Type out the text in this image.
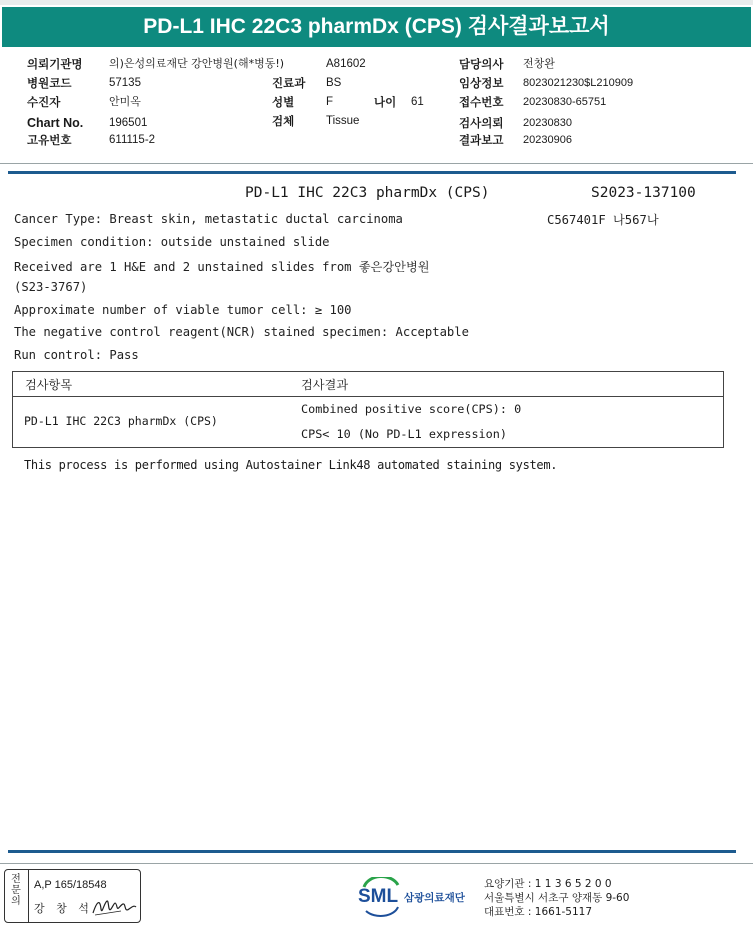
PD-L1 IHC 22C3 pharmDx (CPS) 검사결과보고서
의뢰기관명 의)은성의료재단 강안병원(해*병동!)	A81602
병원코드	57135
수진자	안미옥
Chart No. 196501
고유번호	611115-2
진료과 BS
성별	F	나이 61
검체	Tissue
담당의사 전창완
임상정보 8023021230$L210909
접수번호 20230830-65751
검사의뢰 20230830
결과보고 20230906
PD-L1 IHC 22C3 pharmDx (CPS)	S2023-137100
C567401F 나567나
Cancer Type: Breast skin, metastatic ductal carcinoma
Specimen condition: outside unstained slide
Received are 1 H&E and 2 unstained slides from 좋은강안병원
(S23-3767)
Approximate number of viable tumor cell: ≥ 100
The negative control reagent(NCR) stained specimen: Acceptable
Run control: Pass
검사항목	검사결과
PD-L1 IHC 22C3 pharmDx (CPS)
Combined positive score(CPS): 0
CPS< 10 (No PD-L1 expression)
This process is performed using Autostainer Link48 automated staining system.
전문의
A,P 165/18548
강 창 석
SML 삼광의료재단
요양기관 : 1 1 3 6 5 2 0 0
서울특별시 서초구 양재동 9-60
대표번호 : 1661-5117
